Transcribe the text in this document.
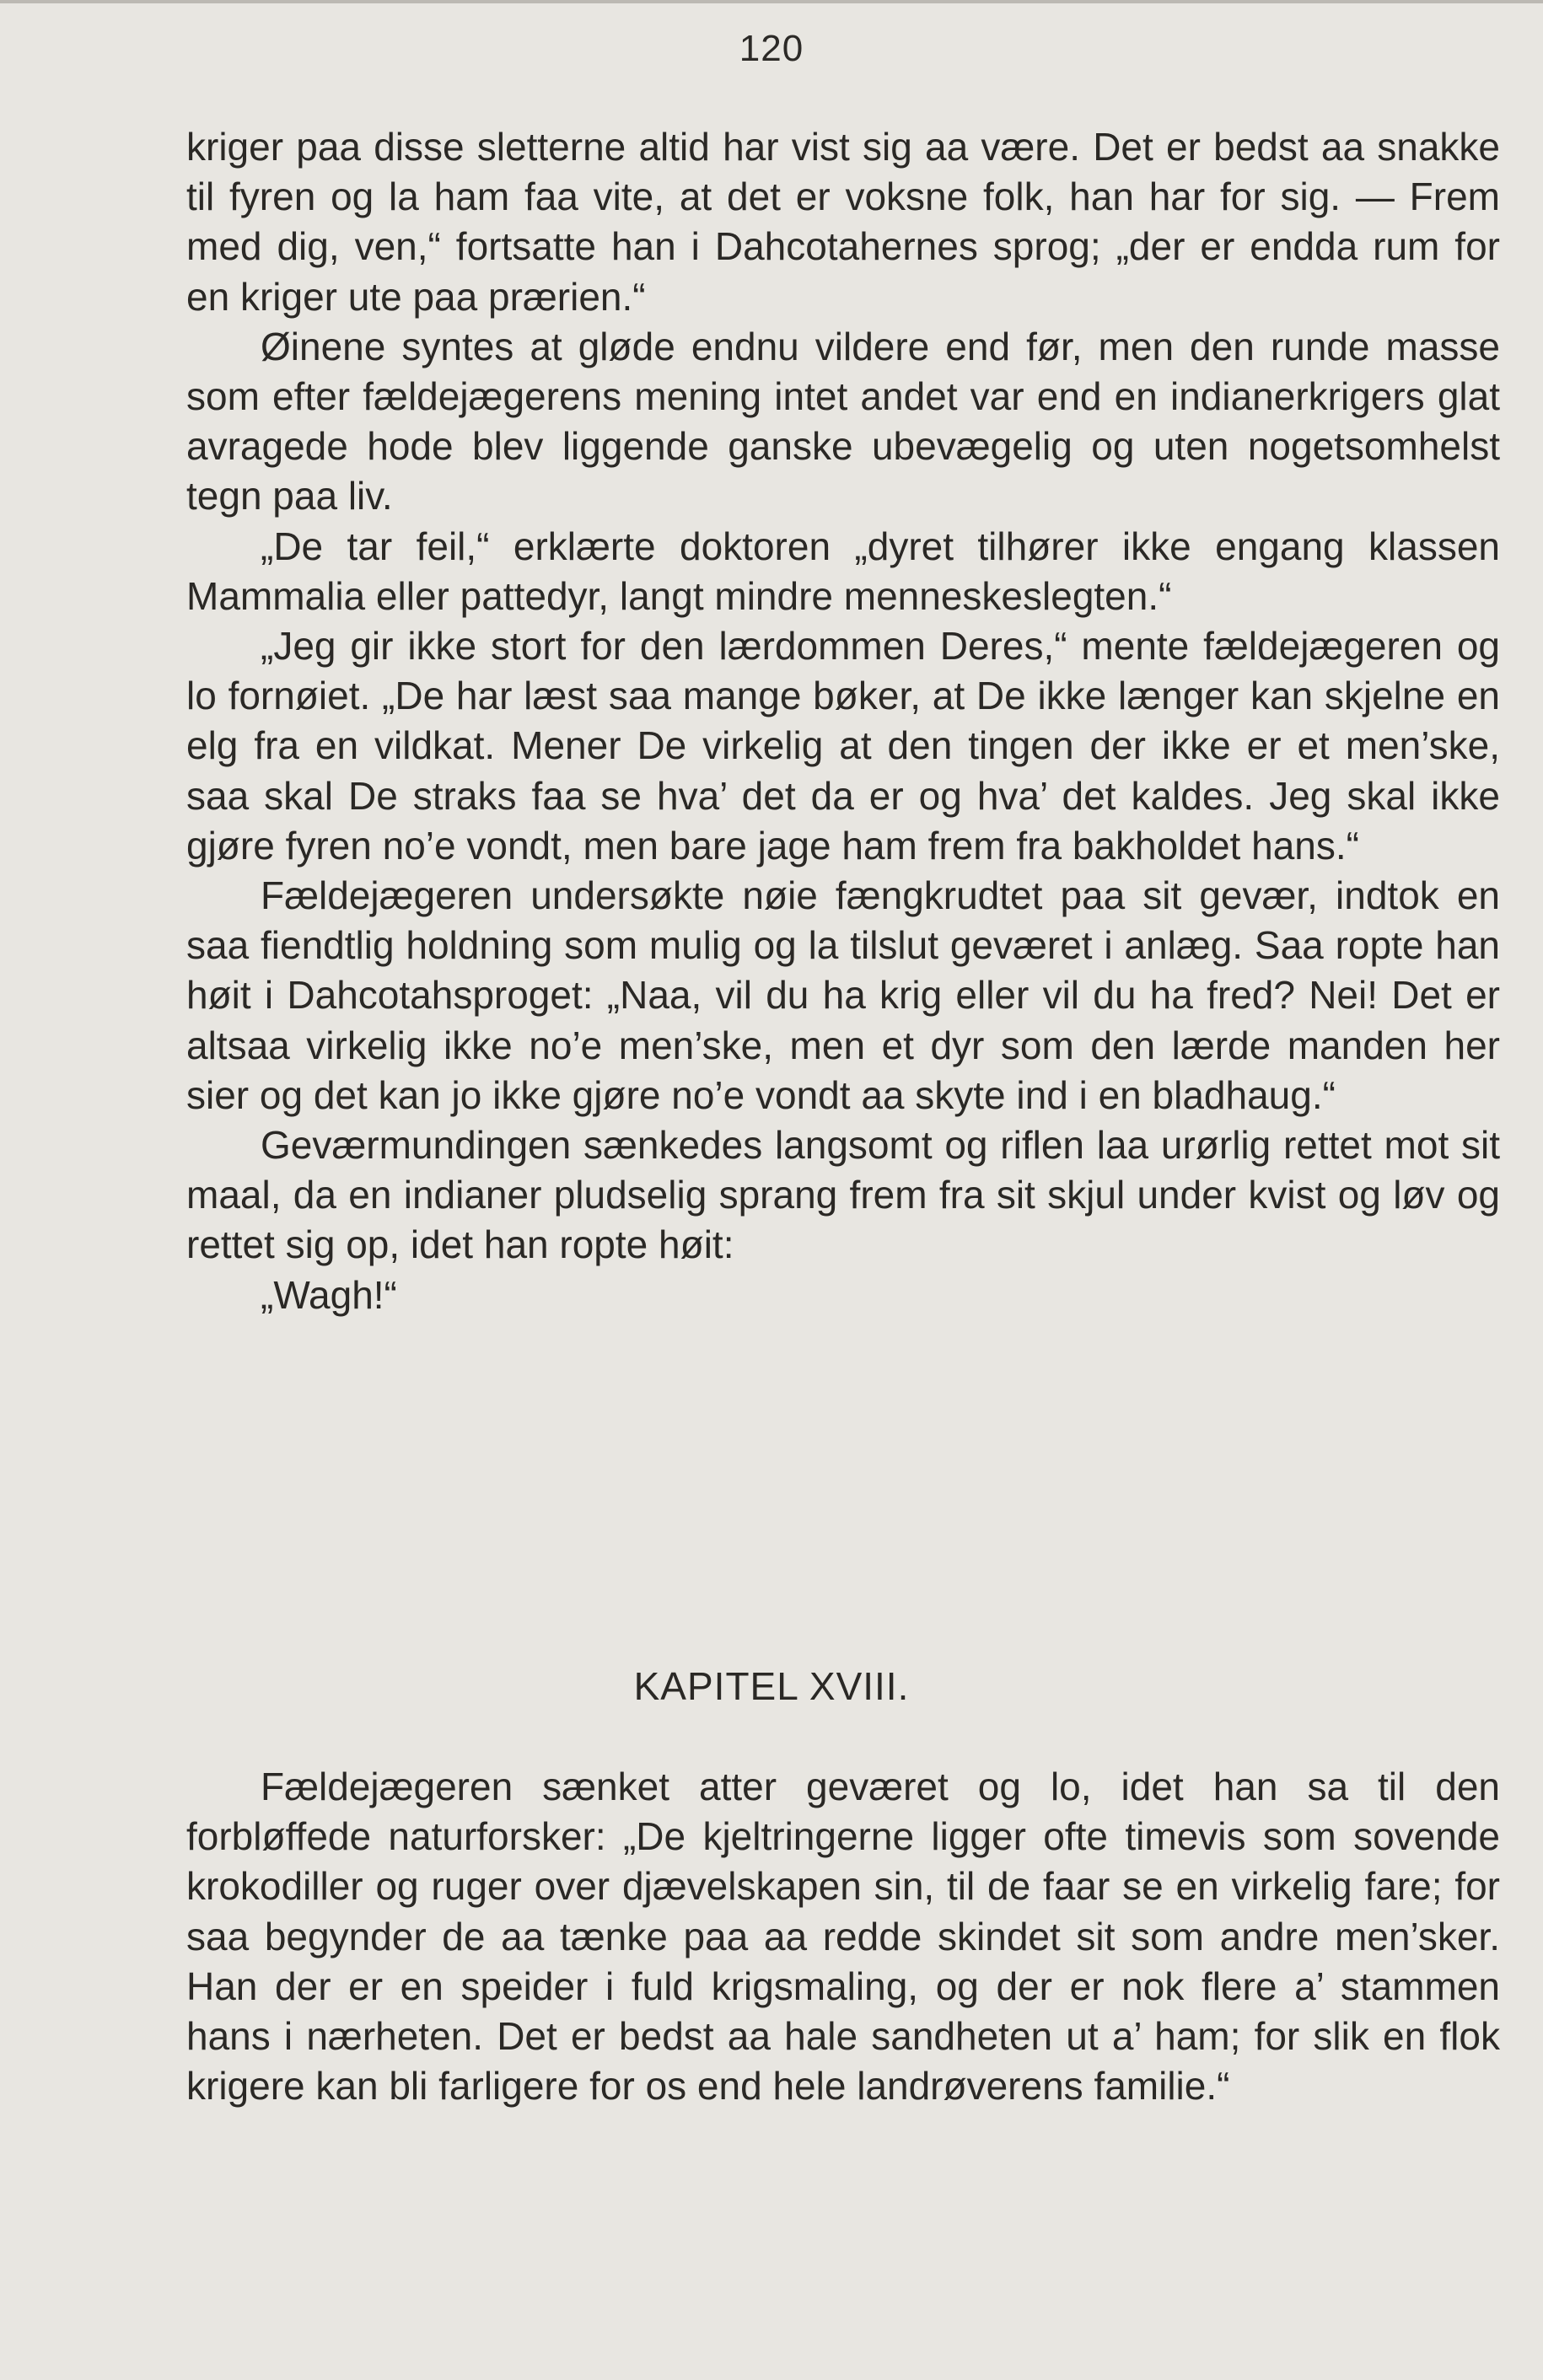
120

kriger paa disse sletterne altid har vist sig aa være. Det er bedst aa snakke til fyren og la ham faa vite, at det er voksne folk, han har for sig. — Frem med dig, ven,“ fortsatte han i Dahcotahernes sprog; „der er endda rum for en kriger ute paa prærien.“

Øinene syntes at gløde endnu vildere end før, men den runde masse som efter fældejægerens mening intet andet var end en indianerkrigers glat avragede hode blev liggende ganske ubevægelig og uten nogetsomhelst tegn paa liv.

„De tar feil,“ erklærte doktoren „dyret tilhører ikke engang klassen Mammalia eller pattedyr, langt mindre menneskeslegten.“

„Jeg gir ikke stort for den lærdommen Deres,“ mente fældejægeren og lo fornøiet. „De har læst saa mange bøker, at De ikke længer kan skjelne en elg fra en vildkat. Mener De virkelig at den tingen der ikke er et men’ske, saa skal De straks faa se hva’ det da er og hva’ det kaldes. Jeg skal ikke gjøre fyren no’e vondt, men bare jage ham frem fra bakholdet hans.“

Fældejægeren undersøkte nøie fængkrudtet paa sit gevær, indtok en saa fiendtlig holdning som mulig og la tilslut geværet i anlæg. Saa ropte han høit i Dahcotahsproget: „Naa, vil du ha krig eller vil du ha fred? Nei! Det er altsaa virkelig ikke no’e men’ske, men et dyr som den lærde manden her sier og det kan jo ikke gjøre no’e vondt aa skyte ind i en bladhaug.“

Geværmundingen sænkedes langsomt og riflen laa urørlig rettet mot sit maal, da en indianer pludselig sprang frem fra sit skjul under kvist og løv og rettet sig op, idet han ropte høit:

„Wagh!“

KAPITEL XVIII.

Fældejægeren sænket atter geværet og lo, idet han sa til den forbløffede naturforsker: „De kjeltringerne ligger ofte timevis som sovende krokodiller og ruger over djævelskapen sin, til de faar se en virkelig fare; for saa begynder de aa tænke paa aa redde skindet sit som andre men’sker. Han der er en speider i fuld krigsmaling, og der er nok flere a’ stammen hans i nærheten. Det er bedst aa hale sandheten ut a’ ham; for slik en flok krigere kan bli farligere for os end hele landrøverens familie.“
